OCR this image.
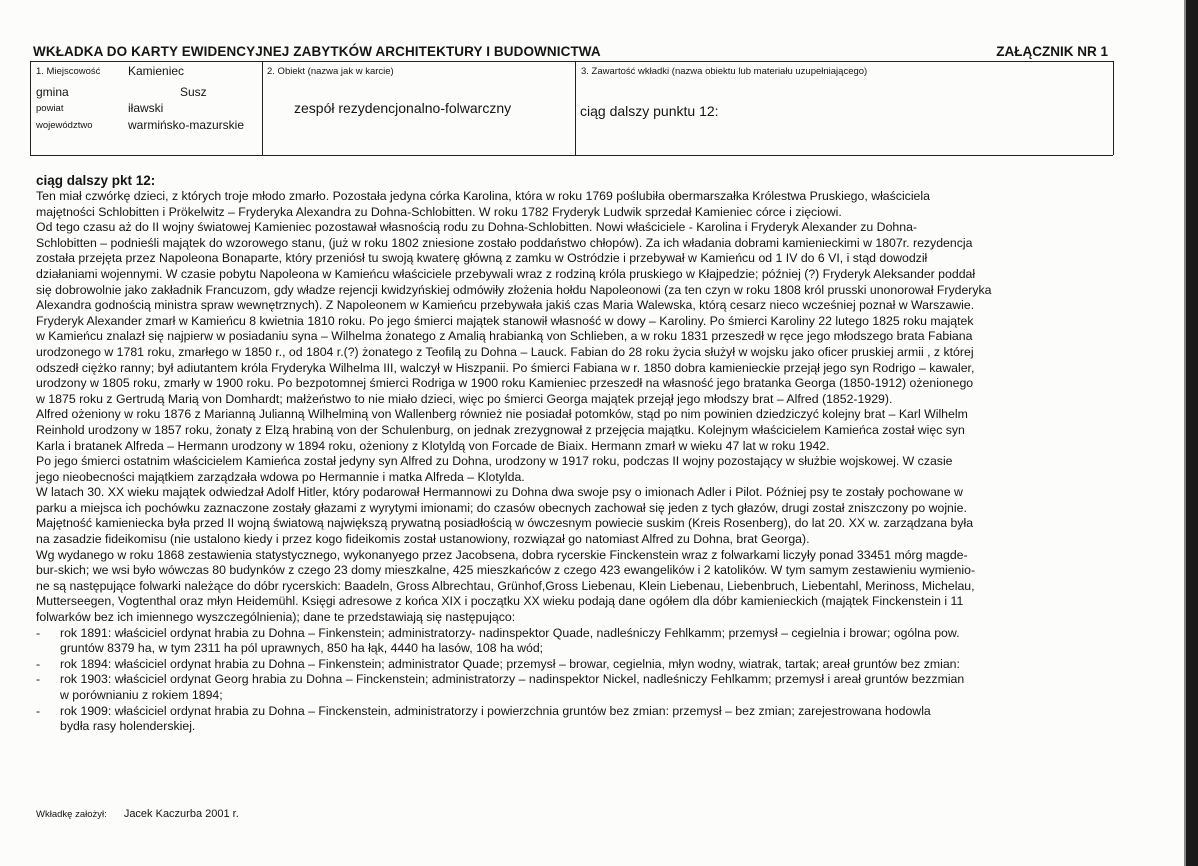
WKŁADKA DO KARTY EWIDENCYJNEJ ZABYTKÓW ARCHITEKTURY I BUDOWNICTWA	ZAŁĄCZNIK NR 1
1. Miejscowość Kamieniec
gmina	Susz
powiat	iławski
województwo	warmińsko-mazurskie
2. Obiekt (nazwa jak w karcie)
zespół rezydencjonalno-folwarczny
3. Zawartość wkładki (nazwa obiektu lub materiału uzupełniającego)
ciąg dalszy punktu 12:

ciąg dalszy pkt 12:

Ten miał czwórkę dzieci, z których troje młodo zmarło. Pozostała jedyna córka Karolina, która w roku 1769 poślubiła obermarszałka Królestwa Pruskiego, właściciela

majętności Schlobitten i Prökelwitz – Fryderyka Alexandra zu Dohna-Schlobitten. W roku 1782 Fryderyk Ludwik sprzedał Kamieniec córce i zięciowi.

Od tego czasu aż do II wojny światowej Kamieniec pozostawał własnością rodu zu Dohna-Schlobitten. Nowi właściciele - Karolina i Fryderyk Alexander zu Dohna-

Schlobitten – podnieśli majątek do wzorowego stanu, (już w roku 1802 zniesione zostało poddaństwo chłopów). Za ich władania dobrami kamienieckimi w 1807r. rezydencja

została przejęta przez Napoleona Bonaparte, który przeniósł tu swoją kwaterę główną z zamku w Ostródzie i przebywał w Kamieńcu od 1 IV do 6 VI, i stąd dowodził

działaniami wojennymi. W czasie pobytu Napoleona w Kamieńcu właściciele przebywali wraz z rodziną króla pruskiego w Kłajpedzie; później (?) Fryderyk Aleksander poddał

się dobrowolnie jako zakładnik Francuzom, gdy władze rejencji kwidzyńskiej odmówiły złożenia hołdu Napoleonowi (za ten czyn w roku 1808 król prusski unonorował Fryderyka

Alexandra godnością ministra spraw wewnętrznych). Z Napoleonem w Kamieńcu przebywała jakiś czas Maria Walewska, którą cesarz nieco wcześniej poznał w Warszawie.

Fryderyk Alexander zmarł w Kamieńcu 8 kwietnia 1810 roku. Po jego śmierci majątek stanowił własność w dowy – Karoliny. Po śmierci Karoliny 22 lutego 1825 roku majątek

w Kamieńcu znalazł się najpierw w posiadaniu syna – Wilhelma żonatego z Amalią hrabianką von Schlieben, a w roku 1831 przeszedł w ręce jego młodszego brata Fabiana

urodzonego w 1781 roku, zmarłego w 1850 r., od 1804 r.(?) żonatego z Teofilą zu Dohna – Lauck. Fabian do 28 roku życia służył w wojsku jako oficer pruskiej armii , z której

odszedł ciężko ranny; był adiutantem króla Fryderyka Wilhelma III, walczył w Hiszpanii. Po śmierci Fabiana w r. 1850 dobra kamienieckie przejął jego syn Rodrigo – kawaler,

urodzony w 1805 roku, zmarły w 1900 roku. Po bezpotomnej śmierci Rodriga w 1900 roku Kamieniec przeszedł na własność jego bratanka Georga (1850-1912) ożenionego

w 1875 roku z Gertrudą Marią von Domhardt; małżeństwo to nie miało dzieci, więc po śmierci Georga majątek przejął jego młodszy brat – Alfred (1852-1929).

Alfred ożeniony w roku 1876 z Marianną Julianną Wilhelminą von Wallenberg również nie posiadał potomków, stąd po nim powinien dziedziczyć kolejny brat – Karl Wilhelm

Reinhold urodzony w 1857 roku, żonaty z Elzą hrabiną von der Schulenburg, on jednak zrezygnował z przejęcia majątku. Kolejnym właścicielem Kamieńca został więc syn

Karla i bratanek Alfreda – Hermann urodzony w 1894 roku, ożeniony z Klotyldą von Forcade de Biaix. Hermann zmarł w wieku 47 lat w roku 1942.

Po jego śmierci ostatnim właścicielem Kamieńca został jedyny syn Alfred zu Dohna, urodzony w 1917 roku, podczas II wojny pozostający w służbie wojskowej. W czasie

jego nieobecności majątkiem zarządzała wdowa po Hermannie i matka Alfreda – Klotylda.

W latach 30. XX wieku majątek odwiedzał Adolf Hitler, który podarował Hermannowi zu Dohna dwa swoje psy o imionach Adler i Pilot. Później psy te zostały pochowane w

parku a miejsca ich pochówku zaznaczone zostały głazami z wyrytymi imionami; do czasów obecnych zachował się jeden z tych głazów, drugi został zniszczony po wojnie.

Majętność kamieniecka była przed II wojną światową największą prywatną posiadłością w ówczesnym powiecie suskim (Kreis Rosenberg), do lat 20. XX w. zarządzana była

na zasadzie fideikomisu (nie ustalono kiedy i przez kogo fideikomis został ustanowiony, rozwiązał go natomiast Alfred zu Dohna, brat Georga).

Wg wydanego w roku 1868 zestawienia statystycznego, wykonanyego przez Jacobsena, dobra rycerskie Finckenstein wraz z folwarkami liczyły ponad 33451 mórg magde-

bur-skich; we wsi było wówczas 80 budynków z czego 23 domy mieszkalne, 425 mieszkańców z czego 423 ewangelików i 2 katolików. W tym samym zestawieniu wymienio-

ne są następujące folwarki należące do dóbr rycerskich: Baadeln, Gross Albrechtau, Grünhof,Gross Liebenau, Klein Liebenau, Liebenbruch, Liebentahl, Merinoss, Michelau,

Mutterseegen, Vogtenthal oraz młyn Heidemühl. Księgi adresowe z końca XIX i początku XX wieku podają dane ogółem dla dóbr kamienieckich (majątek Finckenstein i 11

folwarków bez ich imiennego wyszczególnienia); dane te przedstawiają się następująco:

-	rok 1891: właściciel ordynat hrabia zu Dohna – Finkenstein; administratorzy- nadinspektor Quade, nadleśniczy Fehlkamm; przemysł – cegielnia i browar; ogólna pow.
gruntów 8379 ha, w tym 2311 ha pól uprawnych, 850 ha łąk, 4440 ha lasów, 108 ha wód;
-	rok 1894: właściciel ordynat hrabia zu Dohna – Finkenstein; administrator Quade; przemysł – browar, cegielnia, młyn wodny, wiatrak, tartak; areał gruntów bez zmian:
-	rok 1903: właściciel ordynat Georg hrabia zu Dohna – Finckenstein; administratorzy – nadinspektor Nickel, nadleśniczy Fehlkamm; przemysł i areał gruntów bezzmian
w porównianiu z rokiem 1894;
-	rok 1909: właściciel ordynat hrabia zu Dohna – Finckenstein, administratorzy i powierzchnia gruntów bez zmian: przemysł – bez zmian; zarejestrowana hodowla
bydła rasy holenderskiej.
Wkładkę założył: Jacek Kaczurba 2001 r.
